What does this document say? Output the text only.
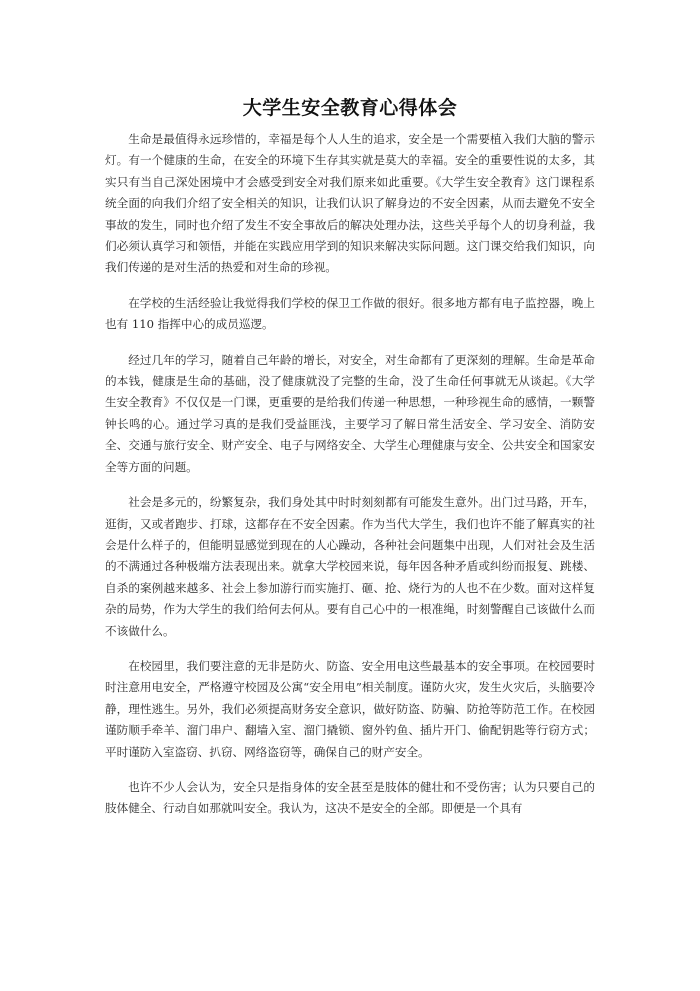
大学生安全教育心得体会

生命是最值得永远珍惜的，幸福是每个人人生的追求，安全是一个需要植入我们大脑的警示灯。有一个健康的生命，在安全的环境下生存其实就是莫大的幸福。安全的重要性说的太多，其实只有当自己深处困境中才会感受到安全对我们原来如此重要。《大学生安全教育》这门课程系统全面的向我们介绍了安全相关的知识，让我们认识了解身边的不安全因素，从而去避免不安全事故的发生，同时也介绍了发生不安全事故后的解决处理办法，这些关乎每个人的切身利益，我们必须认真学习和领悟，并能在实践应用学到的知识来解决实际问题。这门课交给我们知识，向我们传递的是对生活的热爱和对生命的珍视。

在学校的生活经验让我觉得我们学校的保卫工作做的很好。很多地方都有电子监控器，晚上也有 110 指挥中心的成员巡逻。

经过几年的学习，随着自己年龄的增长，对安全，对生命都有了更深刻的理解。生命是革命的本钱，健康是生命的基础，没了健康就没了完整的生命，没了生命任何事就无从谈起。《大学生安全教育》不仅仅是一门课，更重要的是给我们传递一种思想，一种珍视生命的感情，一颗警钟长鸣的心。通过学习真的是我们受益匪浅，主要学习了解日常生活安全、学习安全、消防安全、交通与旅行安全、财产安全、电子与网络安全、大学生心理健康与安全、公共安全和国家安全等方面的问题。

社会是多元的，纷繁复杂，我们身处其中时时刻刻都有可能发生意外。出门过马路，开车，逛街，又或者跑步、打球，这都存在不安全因素。作为当代大学生，我们也许不能了解真实的社会是什么样子的，但能明显感觉到现在的人心躁动，各种社会问题集中出现，人们对社会及生活的不满通过各种极端方法表现出来。就拿大学校园来说，每年因各种矛盾或纠纷而报复、跳楼、自杀的案例越来越多、社会上参加游行而实施打、砸、抢、烧行为的人也不在少数。面对这样复杂的局势，作为大学生的我们给何去何从。要有自己心中的一根准绳，时刻警醒自己该做什么而不该做什么。

在校园里，我们要注意的无非是防火、防盗、安全用电这些最基本的安全事项。在校园要时时注意用电安全，严格遵守校园及公寓“安全用电”相关制度。谨防火灾，发生火灾后，头脑要冷静，理性逃生。另外，我们必须提高财务安全意识，做好防盗、防骗、防抢等防范工作。在校园谨防顺手牵羊、溜门串户、翻墙入室、溜门撬锁、窗外钓鱼、插片开门、偷配钥匙等行窃方式；平时谨防入室盗窃、扒窃、网络盗窃等，确保自己的财产安全。

也许不少人会认为，安全只是指身体的安全甚至是肢体的健壮和不受伤害；认为只要自己的肢体健全、行动自如那就叫安全。我认为，这决不是安全的全部。即便是一个具有
